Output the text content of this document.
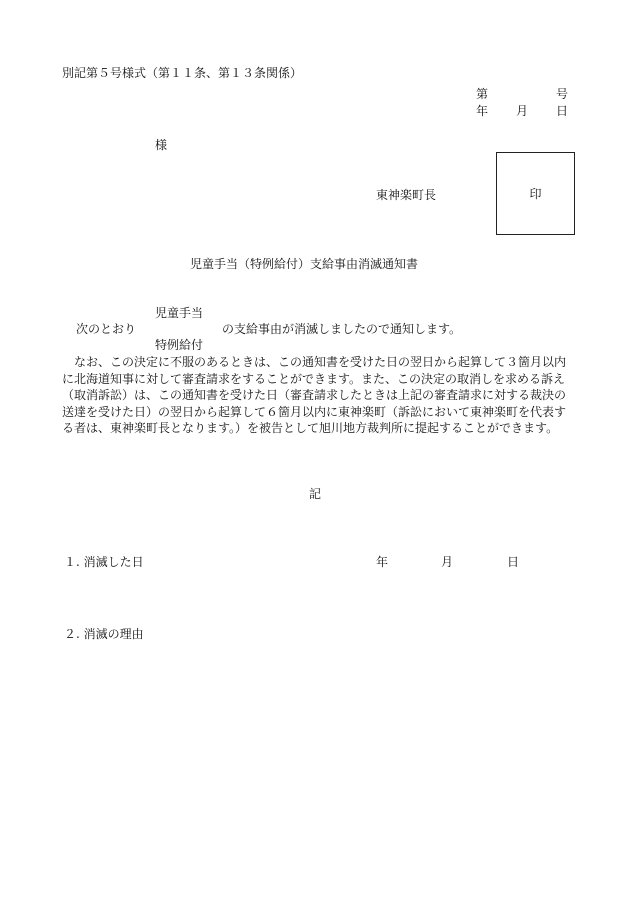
別記第５号様式（第１１条、第１３条関係）
第	号
年 月 日
様
東神楽町長	印
児童手当（特例給付）支給事由消滅通知書
児童手当
次のとおり	の支給事由が消滅しましたので通知します。
特例給付
なお、この決定に不服のあるときは、この通知書を受けた日の翌日から起算して３箇月以内に北海道知事に対して審査請求をすることができます。また、この決定の取消しを求める訴え（取消訴訟）は、この通知書を受けた日（審査請求したときは上記の審査請求に対する裁決の送達を受けた日）の翌日から起算して６箇月以内に東神楽町（訴訟において東神楽町を代表する者は、東神楽町長となります。）を被告として旭川地方裁判所に提起することができます。
記
１. 消滅した日	年	月	日
２. 消滅の理由
